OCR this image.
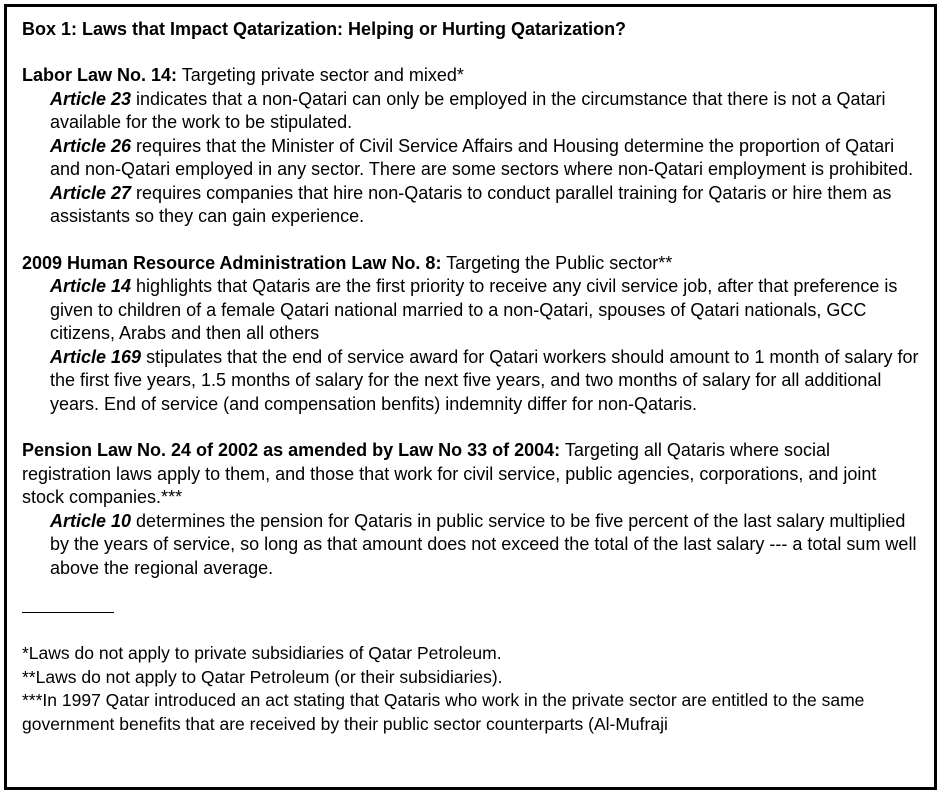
Box 1: Laws that Impact Qatarization: Helping or Hurting Qatarization?

Labor Law No. 14: Targeting private sector and mixed*

Article 23 indicates that a non-Qatari can only be employed in the circumstance that there is not a Qatari available for the work to be stipulated.

Article 26 requires that the Minister of Civil Service Affairs and Housing determine the proportion of Qatari and non-Qatari employed in any sector. There are some sectors where non-Qatari employment is prohibited.

Article 27 requires companies that hire non-Qataris to conduct parallel training for Qataris or hire them as assistants so they can gain experience.

2009 Human Resource Administration Law No. 8: Targeting the Public sector**

Article 14 highlights that Qataris are the first priority to receive any civil service job, after that preference is given to children of a female Qatari national married to a non-Qatari, spouses of Qatari nationals, GCC citizens, Arabs and then all others

Article 169 stipulates that the end of service award for Qatari workers should amount to 1 month of salary for the first five years, 1.5 months of salary for the next five years, and two months of salary for all additional years. End of service (and compensation benfits) indemnity differ for non-Qataris.

Pension Law No. 24 of 2002 as amended by Law No 33 of 2004: Targeting all Qataris where social registration laws apply to them, and those that work for civil service, public agencies, corporations, and joint stock companies.***

Article 10 determines the pension for Qataris in public service to be five percent of the last salary multiplied by the years of service, so long as that amount does not exceed the total of the last salary --- a total sum well above the regional average.

*Laws do not apply to private subsidiaries of Qatar Petroleum.

**Laws do not apply to Qatar Petroleum (or their subsidiaries).

***In 1997 Qatar introduced an act stating that Qataris who work in the private sector are entitled to the same government benefits that are received by their public sector counterparts (Al-Mufraji
